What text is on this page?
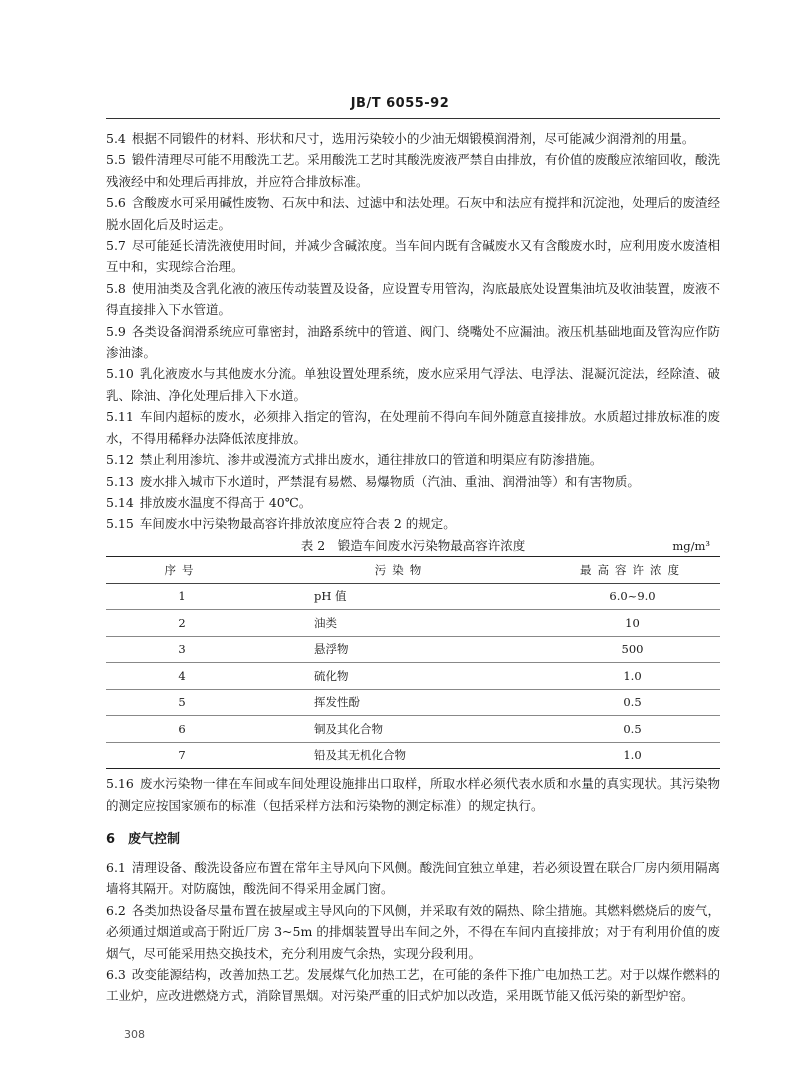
JB/T 6055-92

5.4 根据不同锻件的材料、形状和尺寸，选用污染较小的少油无烟锻模润滑剂，尽可能减少润滑剂的用量。

5.5 锻件清理尽可能不用酸洗工艺。采用酸洗工艺时其酸洗废液严禁自由排放，有价值的废酸应浓缩回收，酸洗残液经中和处理后再排放，并应符合排放标准。

5.6 含酸废水可采用碱性废物、石灰中和法、过滤中和法处理。石灰中和法应有搅拌和沉淀池，处理后的废渣经脱水固化后及时运走。

5.7 尽可能延长清洗液使用时间，并减少含碱浓度。当车间内既有含碱废水又有含酸废水时，应利用废水废渣相互中和，实现综合治理。

5.8 使用油类及含乳化液的液压传动装置及设备，应设置专用管沟，沟底最底处设置集油坑及收油装置，废液不得直接排入下水管道。

5.9 各类设备润滑系统应可靠密封，油路系统中的管道、阀门、绕嘴处不应漏油。液压机基础地面及管沟应作防渗油漆。

5.10 乳化液废水与其他废水分流。单独设置处理系统，废水应采用气浮法、电浮法、混凝沉淀法，经除渣、破乳、除油、净化处理后排入下水道。

5.11 车间内超标的废水，必须排入指定的管沟，在处理前不得向车间外随意直接排放。水质超过排放标准的废水，不得用稀释办法降低浓度排放。

5.12 禁止利用渗坑、渗井或漫流方式排出废水，通往排放口的管道和明渠应有防渗措施。

5.13 废水排入城市下水道时，严禁混有易燃、易爆物质（汽油、重油、润滑油等）和有害物质。

5.14 排放废水温度不得高于 40℃。

5.15 车间废水中污染物最高容许排放浓度应符合表 2 的规定。

表 2　锻造车间废水污染物最高容许浓度	mg/m³
序号	污染物	最高容许浓度
1	pH 值	6.0~9.0
2	油类	10
3	悬浮物	500
4	硫化物	1.0
5	挥发性酚	0.5
6	铜及其化合物	0.5
7	铅及其无机化合物	1.0

5.16 废水污染物一律在车间或车间处理设施排出口取样，所取水样必须代表水质和水量的真实现状。其污染物的测定应按国家颁布的标准（包括采样方法和污染物的测定标准）的规定执行。

6　废气控制

6.1 清理设备、酸洗设备应布置在常年主导风向下风侧。酸洗间宜独立单建，若必须设置在联合厂房内须用隔离墙将其隔开。对防腐蚀，酸洗间不得采用金属门窗。

6.2 各类加热设备尽量布置在披屋或主导风向的下风侧，并采取有效的隔热、除尘措施。其燃料燃烧后的废气，必须通过烟道或高于附近厂房 3~5m 的排烟装置导出车间之外，不得在车间内直接排放；对于有利用价值的废烟气，尽可能采用热交换技术，充分利用废气余热，实现分段利用。

6.3 改变能源结构，改善加热工艺。发展煤气化加热工艺，在可能的条件下推广电加热工艺。对于以煤作燃料的工业炉，应改进燃烧方式，消除冒黑烟。对污染严重的旧式炉加以改造，采用既节能又低污染的新型炉窑。

308
